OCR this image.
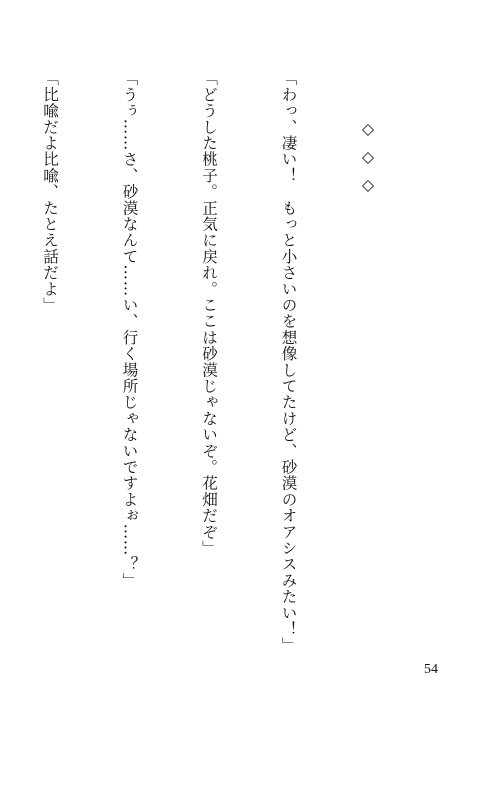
◇◇◇

「わっ、凄い！　もっと小さいのを想像してたけど、砂漠のオアシスみたい！」

「どうした桃子。正気に戻れ。ここは砂漠じゃないぞ。花畑だぞ」

「うぅ……さ、砂漠なんて……い、行く場所じゃないですよぉ……？」

「比喩だよ比喩、たとえ話だよ」

54
